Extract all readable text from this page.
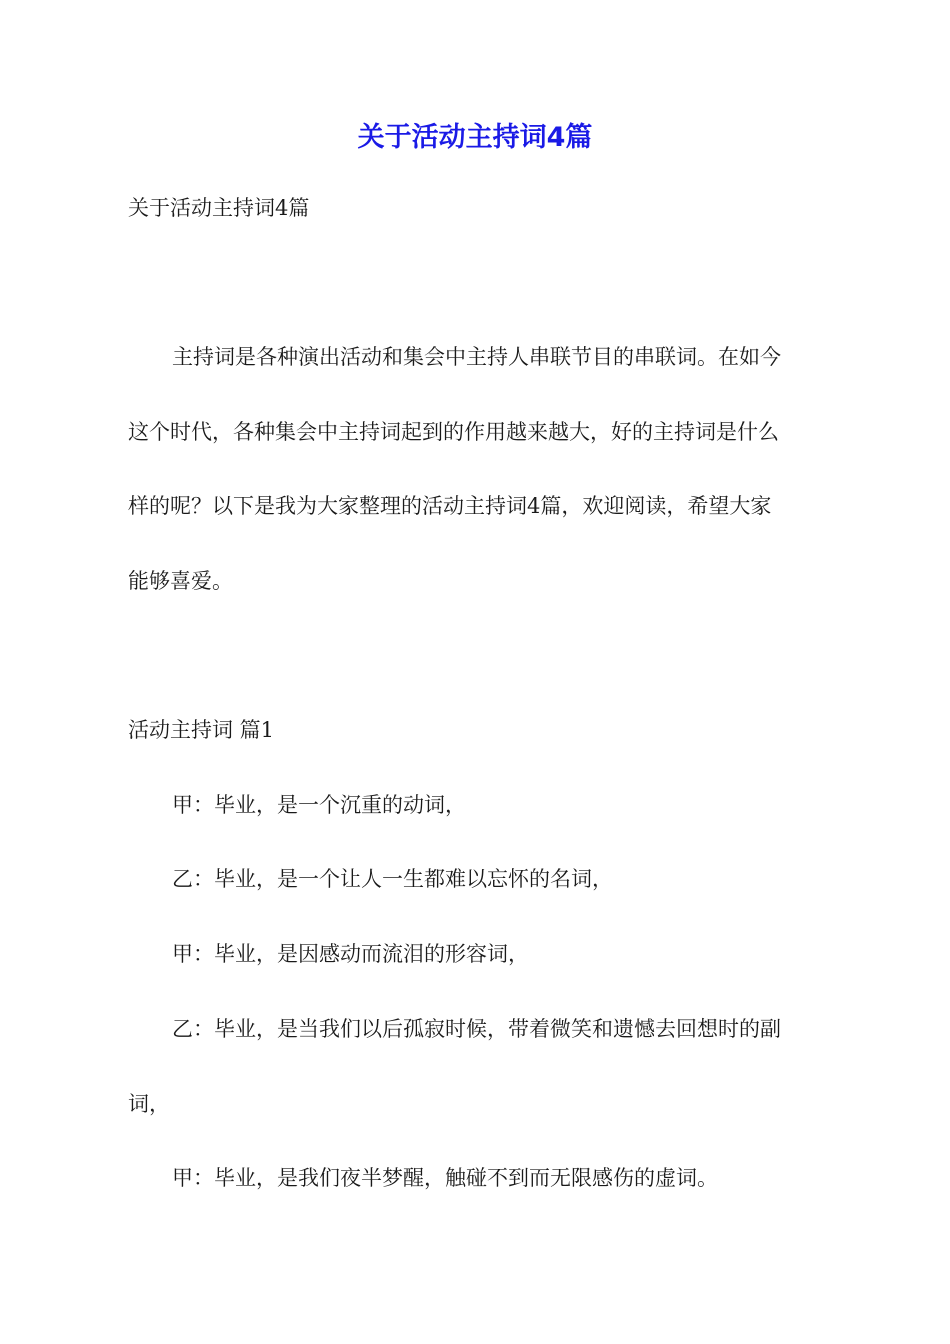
关于活动主持词4篇

关于活动主持词4篇

主持词是各种演出活动和集会中主持人串联节目的串联词。在如今

这个时代，各种集会中主持词起到的作用越来越大，好的主持词是什么

样的呢？以下是我为大家整理的活动主持词4篇，欢迎阅读，希望大家

能够喜爱。

活动主持词 篇1

甲：毕业，是一个沉重的动词，

乙：毕业，是一个让人一生都难以忘怀的名词，

甲：毕业，是因感动而流泪的形容词，

乙：毕业，是当我们以后孤寂时候，带着微笑和遗憾去回想时的副

词，

甲：毕业，是我们夜半梦醒，触碰不到而无限感伤的虚词。
